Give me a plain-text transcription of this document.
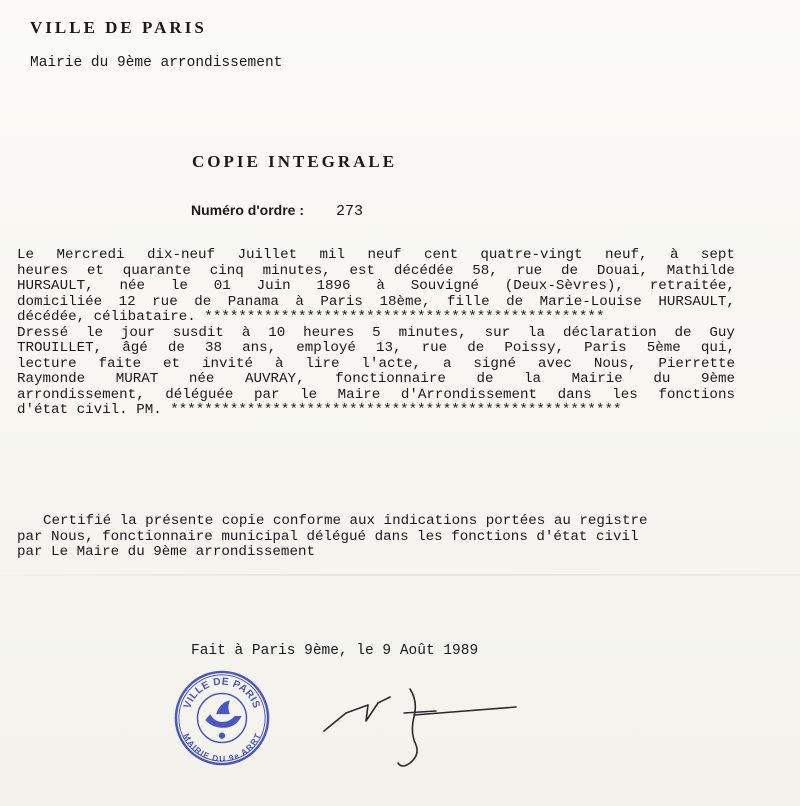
VILLE DE PARIS
Mairie du 9ème arrondissement
COPIE INTEGRALE
Numéro d'ordre : 273
Le Mercredi dix-neuf Juillet mil neuf cent quatre-vingt neuf, à sept
heures et quarante cinq minutes, est décédée 58, rue de Douai, Mathilde
HURSAULT, née le 01 Juin 1896 à Souvigné (Deux-Sèvres), retraitée,
domiciliée 12 rue de Panama à Paris 18ème, fille de Marie-Louise HURSAULT,
décédée, célibataire. ***********************************************
Dressé le jour susdit à 10 heures 5 minutes, sur la déclaration de Guy
TROUILLET, âgé de 38 ans, employé 13, rue de Poissy, Paris 5ème qui,
lecture faite et invité à lire l'acte, a signé avec Nous, Pierrette
Raymonde MURAT née AUVRAY, fonctionnaire de la Mairie du 9ème
arrondissement, déléguée par le Maire d'Arrondissement dans les fonctions
d'état civil. PM. *****************************************************
Certifié la présente copie conforme aux indications portées au registre
par Nous, fonctionnaire municipal délégué dans les fonctions d'état civil
par Le Maire du 9ème arrondissement
Fait à Paris 9ème, le 9 Août 1989
VILLE DE PARIS
MAIRIE DU 9e ARRT
10
